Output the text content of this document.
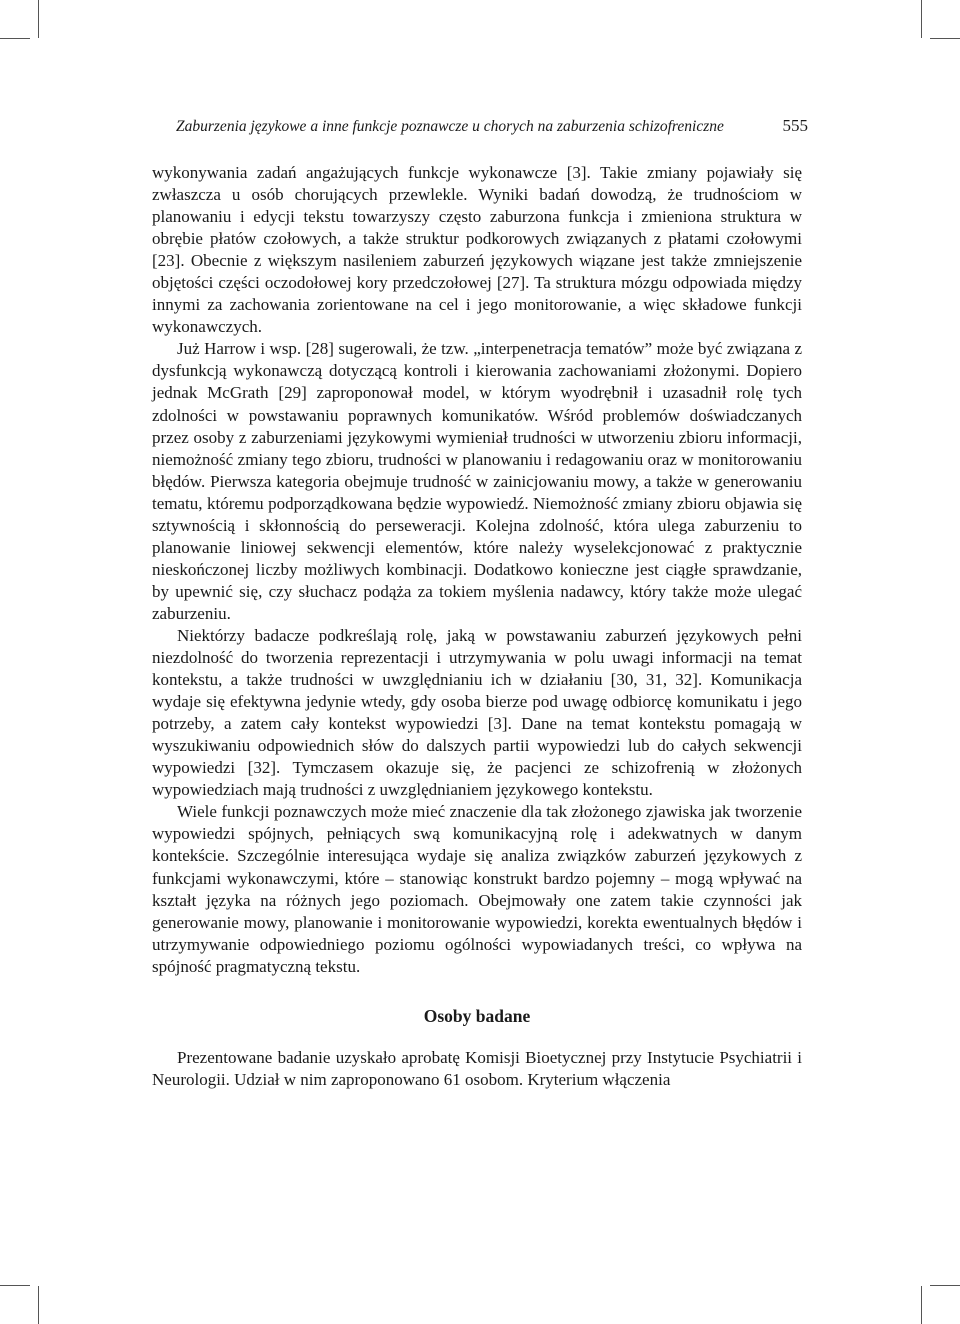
Zaburzenia językowe a inne funkcje poznawcze u chorych na zaburzenia schizofreniczne	555

wykonywania zadań angażujących funkcje wykonawcze [3]. Takie zmiany pojawiały się zwłaszcza u osób chorujących przewlekle. Wyniki badań dowodzą, że trudnościom w planowaniu i edycji tekstu towarzyszy często zaburzona funkcja i zmieniona struktura w obrębie płatów czołowych, a także struktur podkorowych związanych z płatami czołowymi [23]. Obecnie z większym nasileniem zaburzeń językowych wiązane jest także zmniejszenie objętości części oczodołowej kory przedczołowej [27]. Ta struktura mózgu odpowiada między innymi za zachowania zorientowane na cel i jego monitorowanie, a więc składowe funkcji wykonawczych.

Już Harrow i wsp. [28] sugerowali, że tzw. „interpenetracja tematów” może być związana z dysfunkcją wykonawczą dotyczącą kontroli i kierowania zachowaniami złożonymi. Dopiero jednak McGrath [29] zaproponował model, w którym wyodrębnił i uzasadnił rolę tych zdolności w powstawaniu poprawnych komunikatów. Wśród problemów doświadczanych przez osoby z zaburzeniami językowymi wymieniał trudności w utworzeniu zbioru informacji, niemożność zmiany tego zbioru, trudności w planowaniu i redagowaniu oraz w monitorowaniu błędów. Pierwsza kategoria obejmuje trudność w zainicjowaniu mowy, a także w generowaniu tematu, któremu podporządkowana będzie wypowiedź. Niemożność zmiany zbioru objawia się sztywnością i skłonnością do perseweracji. Kolejna zdolność, która ulega zaburzeniu to planowanie liniowej sekwencji elementów, które należy wyselekcjonować z praktycznie nieskończonej liczby możliwych kombinacji. Dodatkowo konieczne jest ciągłe sprawdzanie, by upewnić się, czy słuchacz podąża za tokiem myślenia nadawcy, który także może ulegać zaburzeniu.

Niektórzy badacze podkreślają rolę, jaką w powstawaniu zaburzeń językowych pełni niezdolność do tworzenia reprezentacji i utrzymywania w polu uwagi informacji na temat kontekstu, a także trudności w uwzględnianiu ich w działaniu [30, 31, 32]. Komunikacja wydaje się efektywna jedynie wtedy, gdy osoba bierze pod uwagę odbiorcę komunikatu i jego potrzeby, a zatem cały kontekst wypowiedzi [3]. Dane na temat kontekstu pomagają w wyszukiwaniu odpowiednich słów do dalszych partii wypowiedzi lub do całych sekwencji wypowiedzi [32]. Tymczasem okazuje się, że pacjenci ze schizofrenią w złożonych wypowiedziach mają trudności z uwzględnianiem językowego kontekstu.

Wiele funkcji poznawczych może mieć znaczenie dla tak złożonego zjawiska jak tworzenie wypowiedzi spójnych, pełniących swą komunikacyjną rolę i adekwatnych w danym kontekście. Szczególnie interesująca wydaje się analiza związków zaburzeń językowych z funkcjami wykonawczymi, które – stanowiąc konstrukt bardzo pojemny – mogą wpływać na kształt języka na różnych jego poziomach. Obejmowały one zatem takie czynności jak generowanie mowy, planowanie i monitorowanie wypowiedzi, korekta ewentualnych błędów i utrzymywanie odpowiedniego poziomu ogólności wypowiadanych treści, co wpływa na spójność pragmatyczną tekstu.

Osoby badane

Prezentowane badanie uzyskało aprobatę Komisji Bioetycznej przy Instytucie Psychiatrii i Neurologii. Udział w nim zaproponowano 61 osobom. Kryterium włączenia
